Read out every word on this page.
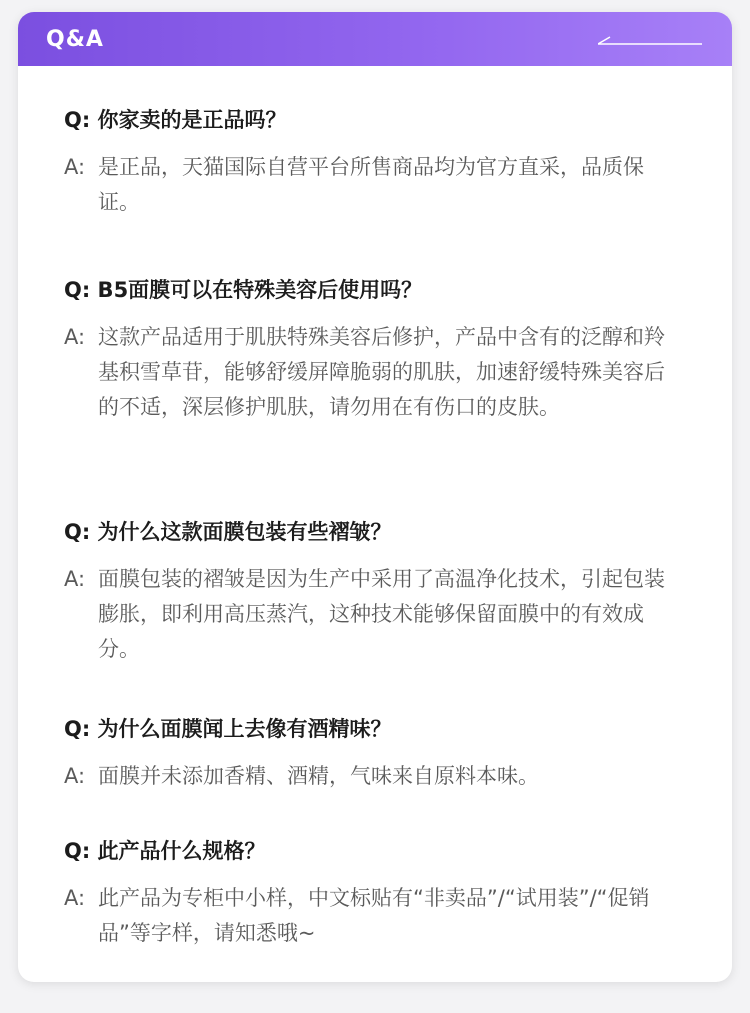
Q&A
Q: 你家卖的是正品吗？
A: 是正品，天猫国际自营平台所售商品均为官方直采，品质保证。
Q: B5面膜可以在特殊美容后使用吗？
A: 这款产品适用于肌肤特殊美容后修护，产品中含有的泛醇和羚基积雪草苷，能够舒缓屏障脆弱的肌肤，加速舒缓特殊美容后的不适，深层修护肌肤，请勿用在有伤口的皮肤。
Q: 为什么这款面膜包装有些褶皱？
A: 面膜包装的褶皱是因为生产中采用了高温净化技术，引起包装膨胀，即利用高压蒸汽，这种技术能够保留面膜中的有效成分。
Q: 为什么面膜闻上去像有酒精味？
A: 面膜并未添加香精、酒精，气味来自原料本味。
Q: 此产品什么规格？
A: 此产品为专柜中小样，中文标贴有“非卖品”/“试用装”/“促销品”等字样，请知悉哦~
